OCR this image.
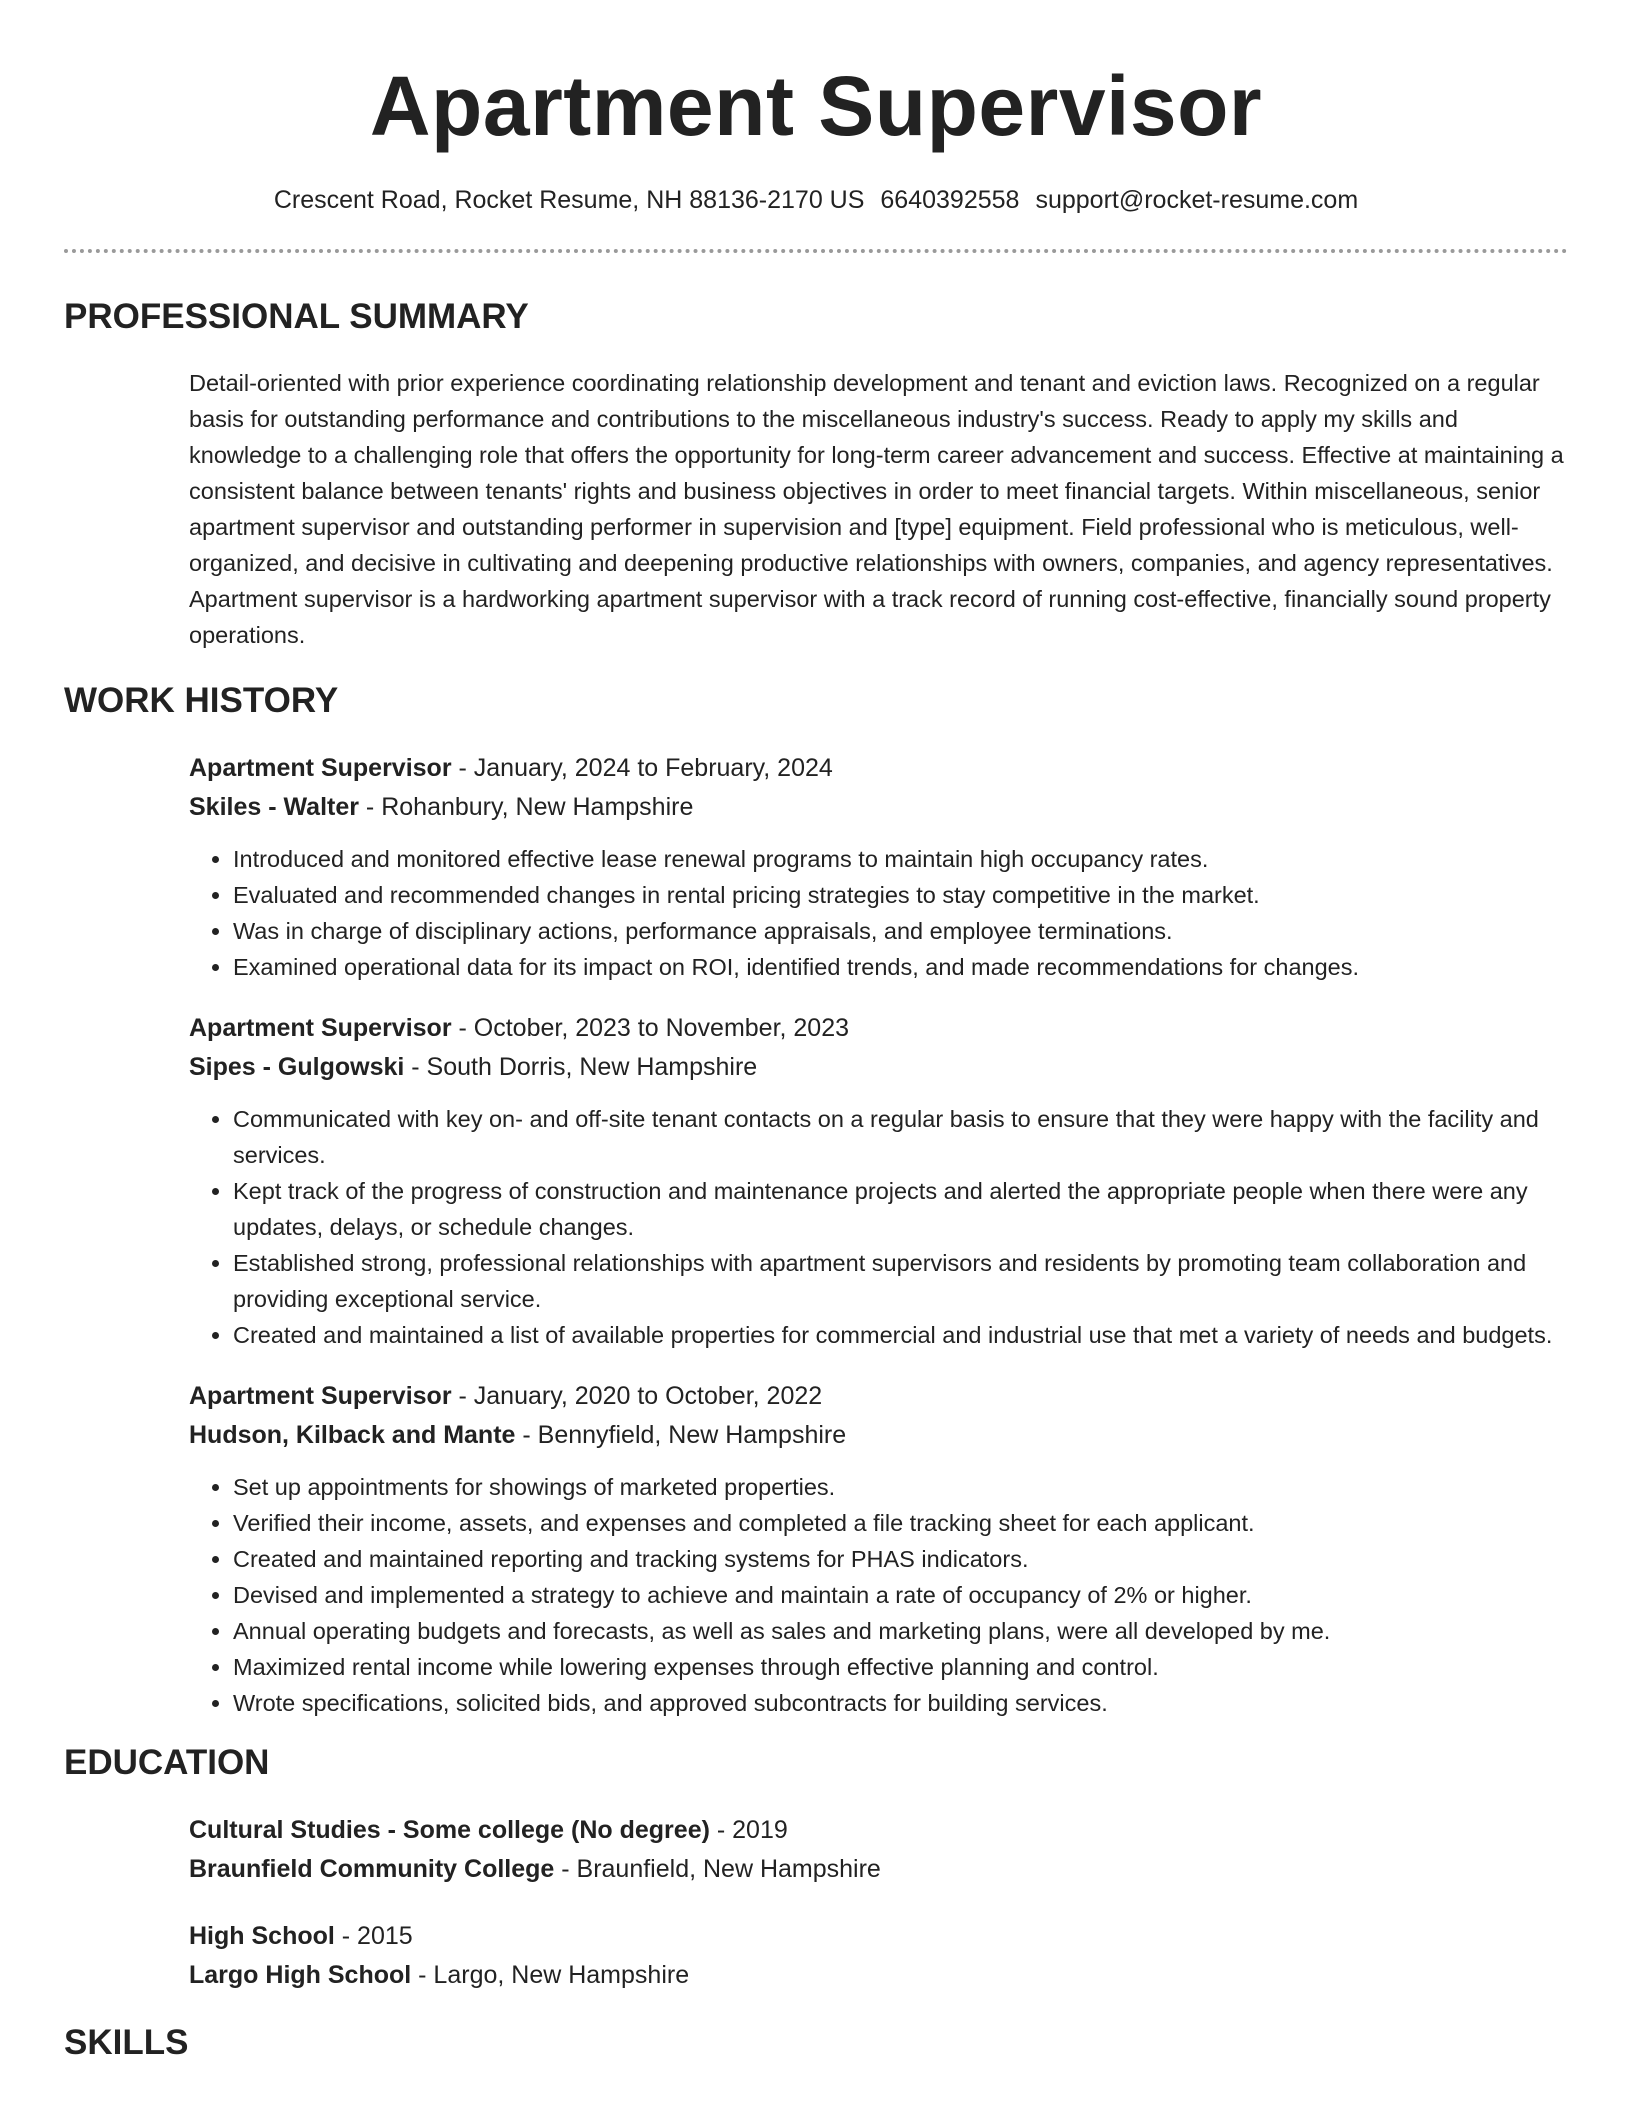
Apartment Supervisor
Crescent Road, Rocket Resume, NH 88136-2170 US 6640392558 support@rocket-resume.com
PROFESSIONAL SUMMARY
Detail-oriented with prior experience coordinating relationship development and tenant and eviction laws. Recognized on a regular basis for outstanding performance and contributions to the miscellaneous industry's success. Ready to apply my skills and knowledge to a challenging role that offers the opportunity for long-term career advancement and success. Effective at maintaining a consistent balance between tenants' rights and business objectives in order to meet financial targets. Within miscellaneous, senior apartment supervisor and outstanding performer in supervision and [type] equipment. Field professional who is meticulous, well-organized, and decisive in cultivating and deepening productive relationships with owners, companies, and agency representatives. Apartment supervisor is a hardworking apartment supervisor with a track record of running cost-effective, financially sound property operations.
WORK HISTORY
Apartment Supervisor - January, 2024 to February, 2024
Skiles - Walter - Rohanbury, New Hampshire
• Introduced and monitored effective lease renewal programs to maintain high occupancy rates.
• Evaluated and recommended changes in rental pricing strategies to stay competitive in the market.
• Was in charge of disciplinary actions, performance appraisals, and employee terminations.
• Examined operational data for its impact on ROI, identified trends, and made recommendations for changes.
Apartment Supervisor - October, 2023 to November, 2023
Sipes - Gulgowski - South Dorris, New Hampshire
• Communicated with key on- and off-site tenant contacts on a regular basis to ensure that they were happy with the facility and services.
• Kept track of the progress of construction and maintenance projects and alerted the appropriate people when there were any updates, delays, or schedule changes.
• Established strong, professional relationships with apartment supervisors and residents by promoting team collaboration and providing exceptional service.
• Created and maintained a list of available properties for commercial and industrial use that met a variety of needs and budgets.
Apartment Supervisor - January, 2020 to October, 2022
Hudson, Kilback and Mante - Bennyfield, New Hampshire
• Set up appointments for showings of marketed properties.
• Verified their income, assets, and expenses and completed a file tracking sheet for each applicant.
• Created and maintained reporting and tracking systems for PHAS indicators.
• Devised and implemented a strategy to achieve and maintain a rate of occupancy of 2% or higher.
• Annual operating budgets and forecasts, as well as sales and marketing plans, were all developed by me.
• Maximized rental income while lowering expenses through effective planning and control.
• Wrote specifications, solicited bids, and approved subcontracts for building services.
EDUCATION
Cultural Studies - Some college (No degree) - 2019
Braunfield Community College - Braunfield, New Hampshire
High School - 2015
Largo High School - Largo, New Hampshire
SKILLS
